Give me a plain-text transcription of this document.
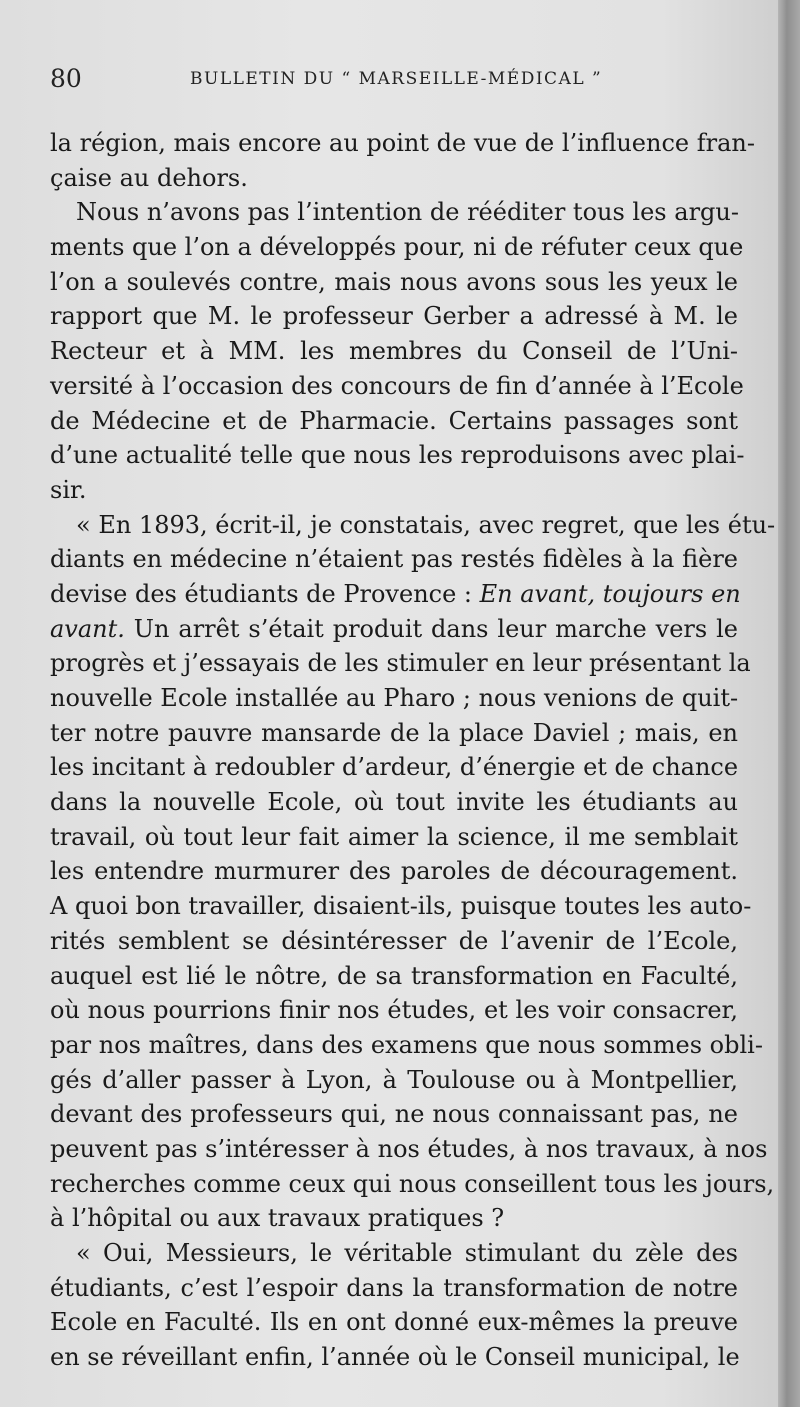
80	BULLETIN DU “ MARSEILLE-MÉDICAL ”
la région, mais encore au point de vue de l’influence fran-
çaise au dehors.
Nous n’avons pas l’intention de rééditer tous les argu-
ments que l’on a développés pour, ni de réfuter ceux que
l’on a soulevés contre, mais nous avons sous les yeux le
rapport que M. le professeur Gerber a adressé à M. le
Recteur et à MM. les membres du Conseil de l’Uni-
versité à l’occasion des concours de fin d’année à l’Ecole
de Médecine et de Pharmacie. Certains passages sont
d’une actualité telle que nous les reproduisons avec plai-
sir.
« En 1893, écrit-il, je constatais, avec regret, que les étu-
diants en médecine n’étaient pas restés fidèles à la fière
devise des étudiants de Provence : En avant, toujours en
avant. Un arrêt s’était produit dans leur marche vers le
progrès et j’essayais de les stimuler en leur présentant la
nouvelle Ecole installée au Pharo ; nous venions de quit-
ter notre pauvre mansarde de la place Daviel ; mais, en
les incitant à redoubler d’ardeur, d’énergie et de chance
dans la nouvelle Ecole, où tout invite les étudiants au
travail, où tout leur fait aimer la science, il me semblait
les entendre murmurer des paroles de découragement.
A quoi bon travailler, disaient-ils, puisque toutes les auto-
rités semblent se désintéresser de l’avenir de l’Ecole,
auquel est lié le nôtre, de sa transformation en Faculté,
où nous pourrions finir nos études, et les voir consacrer,
par nos maîtres, dans des examens que nous sommes obli-
gés d’aller passer à Lyon, à Toulouse ou à Montpellier,
devant des professeurs qui, ne nous connaissant pas, ne
peuvent pas s’intéresser à nos études, à nos travaux, à nos
recherches comme ceux qui nous conseillent tous les jours,
à l’hôpital ou aux travaux pratiques ?
« Oui, Messieurs, le véritable stimulant du zèle des
étudiants, c’est l’espoir dans la transformation de notre
Ecole en Faculté. Ils en ont donné eux-mêmes la preuve
en se réveillant enfin, l’année où le Conseil municipal, le
